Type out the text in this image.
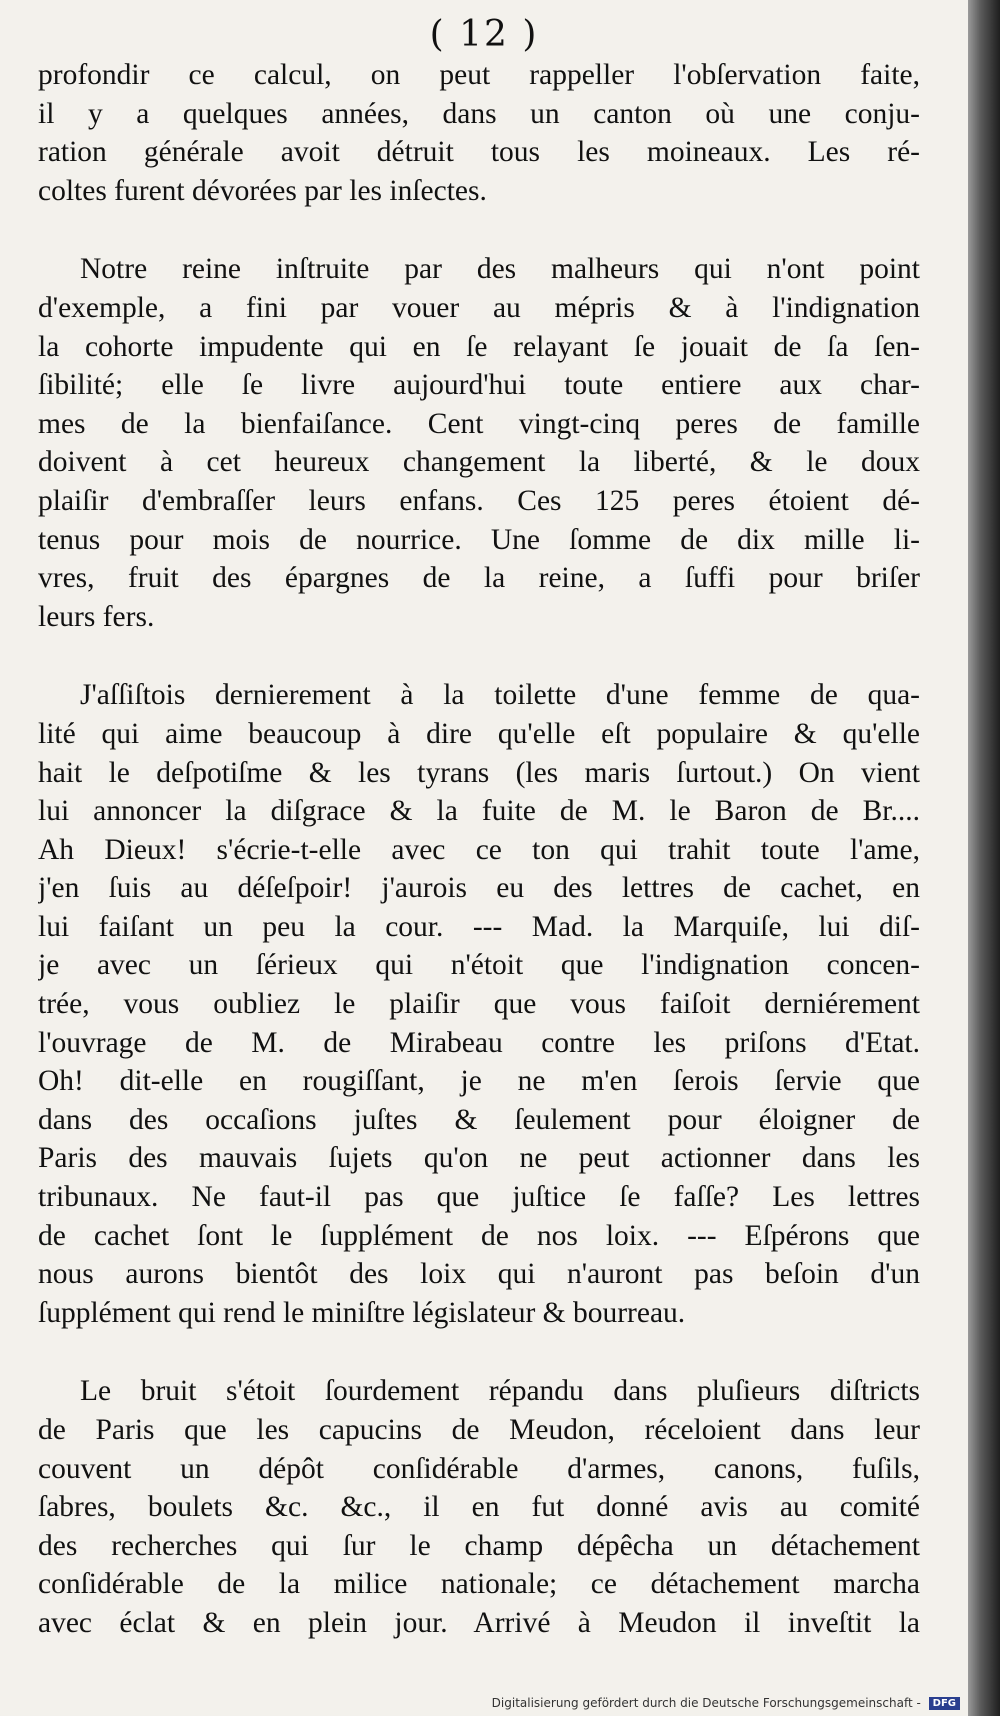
( 12 )
profondir ce calcul, on peut rappeller l'obſervation faite,
il y a quelques années, dans un canton où une conju-
ration générale avoit détruit tous les moineaux. Les ré-
coltes furent dévorées par les inſectes.
Notre reine inſtruite par des malheurs qui n'ont point
d'exemple, a fini par vouer au mépris & à l'indignation
la cohorte impudente qui en ſe relayant ſe jouait de ſa ſen-
ſibilité; elle ſe livre aujourd'hui toute entiere aux char-
mes de la bienfaiſance. Cent vingt-cinq peres de famille
doivent à cet heureux changement la liberté, & le doux
plaiſir d'embraſſer leurs enfans. Ces 125 peres étoient dé-
tenus pour mois de nourrice. Une ſomme de dix mille li-
vres, fruit des épargnes de la reine, a ſuffi pour briſer
leurs fers.
J'aſſiſtois dernierement à la toilette d'une femme de qua-
lité qui aime beaucoup à dire qu'elle eſt populaire & qu'elle
hait le deſpotiſme & les tyrans (les maris ſurtout.) On vient
lui annoncer la diſgrace & la fuite de M. le Baron de Br....
Ah Dieux! s'écrie-t-elle avec ce ton qui trahit toute l'ame,
j'en ſuis au déſeſpoir! j'aurois eu des lettres de cachet, en
lui faiſant un peu la cour. --- Mad. la Marquiſe, lui diſ-
je avec un ſérieux qui n'étoit que l'indignation concen-
trée, vous oubliez le plaiſir que vous faiſoit derniérement
l'ouvrage de M. de Mirabeau contre les priſons d'Etat.
Oh! dit-elle en rougiſſant, je ne m'en ſerois ſervie que
dans des occaſions juſtes & ſeulement pour éloigner de
Paris des mauvais ſujets qu'on ne peut actionner dans les
tribunaux. Ne faut-il pas que juſtice ſe faſſe? Les lettres
de cachet ſont le ſupplément de nos loix. --- Eſpérons que
nous aurons bientôt des loix qui n'auront pas beſoin d'un
ſupplément qui rend le miniſtre législateur & bourreau.
Le bruit s'étoit ſourdement répandu dans pluſieurs diſtricts
de Paris que les capucins de Meudon, réceloient dans leur
couvent un dépôt conſidérable d'armes, canons, fuſils,
ſabres, boulets &c. &c., il en fut donné avis au comité
des recherches qui ſur le champ dépêcha un détachement
conſidérable de la milice nationale; ce détachement marcha
avec éclat & en plein jour. Arrivé à Meudon il inveſtit la
Digitalisierung gefördert durch die Deutsche Forschungsgemeinschaft - DFG
